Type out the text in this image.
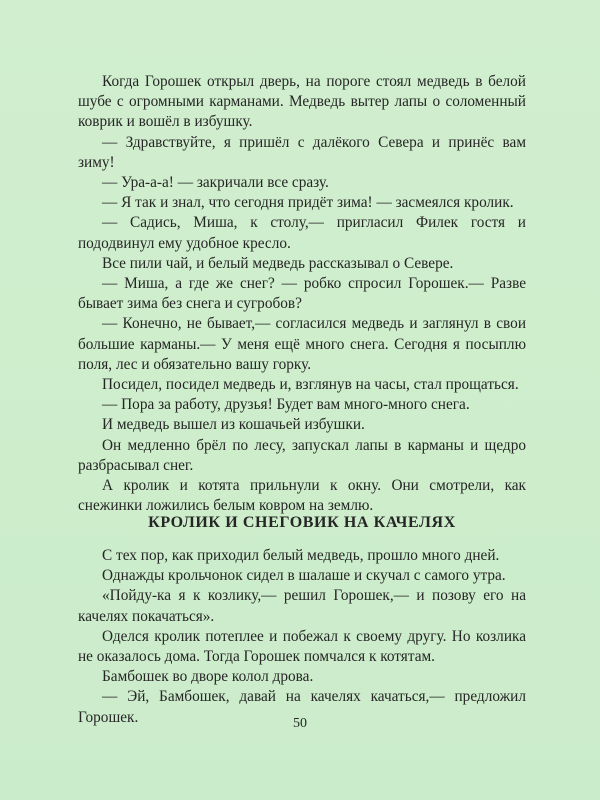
Когда Горошек открыл дверь, на пороге стоял медведь в белой шубе с огромными карманами. Медведь вытер лапы о соломенный коврик и вошёл в избушку.

— Здравствуйте, я пришёл с далёкого Севера и принёс вам зиму!

— Ура-а-а! — закричали все сразу.

— Я так и знал, что сегодня придёт зима! — засмеялся кролик.

— Садись, Миша, к столу,— пригласил Филек гостя и пододвинул ему удобное кресло.

Все пили чай, и белый медведь рассказывал о Севере.

— Миша, а где же снег? — робко спросил Горошек.— Разве бывает зима без снега и сугробов?

— Конечно, не бывает,— согласился медведь и заглянул в свои большие карманы.— У меня ещё много снега. Сегодня я посыплю поля, лес и обязательно вашу горку.

Посидел, посидел медведь и, взглянув на часы, стал прощаться.

— Пора за работу, друзья! Будет вам много-много снега.

И медведь вышел из кошачьей избушки.

Он медленно брёл по лесу, запускал лапы в карманы и щедро разбрасывал снег.

А кролик и котята прильнули к окну. Они смотрели, как снежинки ложились белым ковром на землю.

КРОЛИК И СНЕГОВИК НА КАЧЕЛЯХ

С тех пор, как приходил белый медведь, прошло много дней.

Однажды крольчонок сидел в шалаше и скучал с самого утра.

«Пойду-ка я к козлику,— решил Горошек,— и позову его на качелях покачаться».

Оделся кролик потеплее и побежал к своему другу. Но козлика не оказалось дома. Тогда Горошек помчался к котятам.

Бамбошек во дворе колол дрова.

— Эй, Бамбошек, давай на качелях качаться,— предложил Горошек.	50
